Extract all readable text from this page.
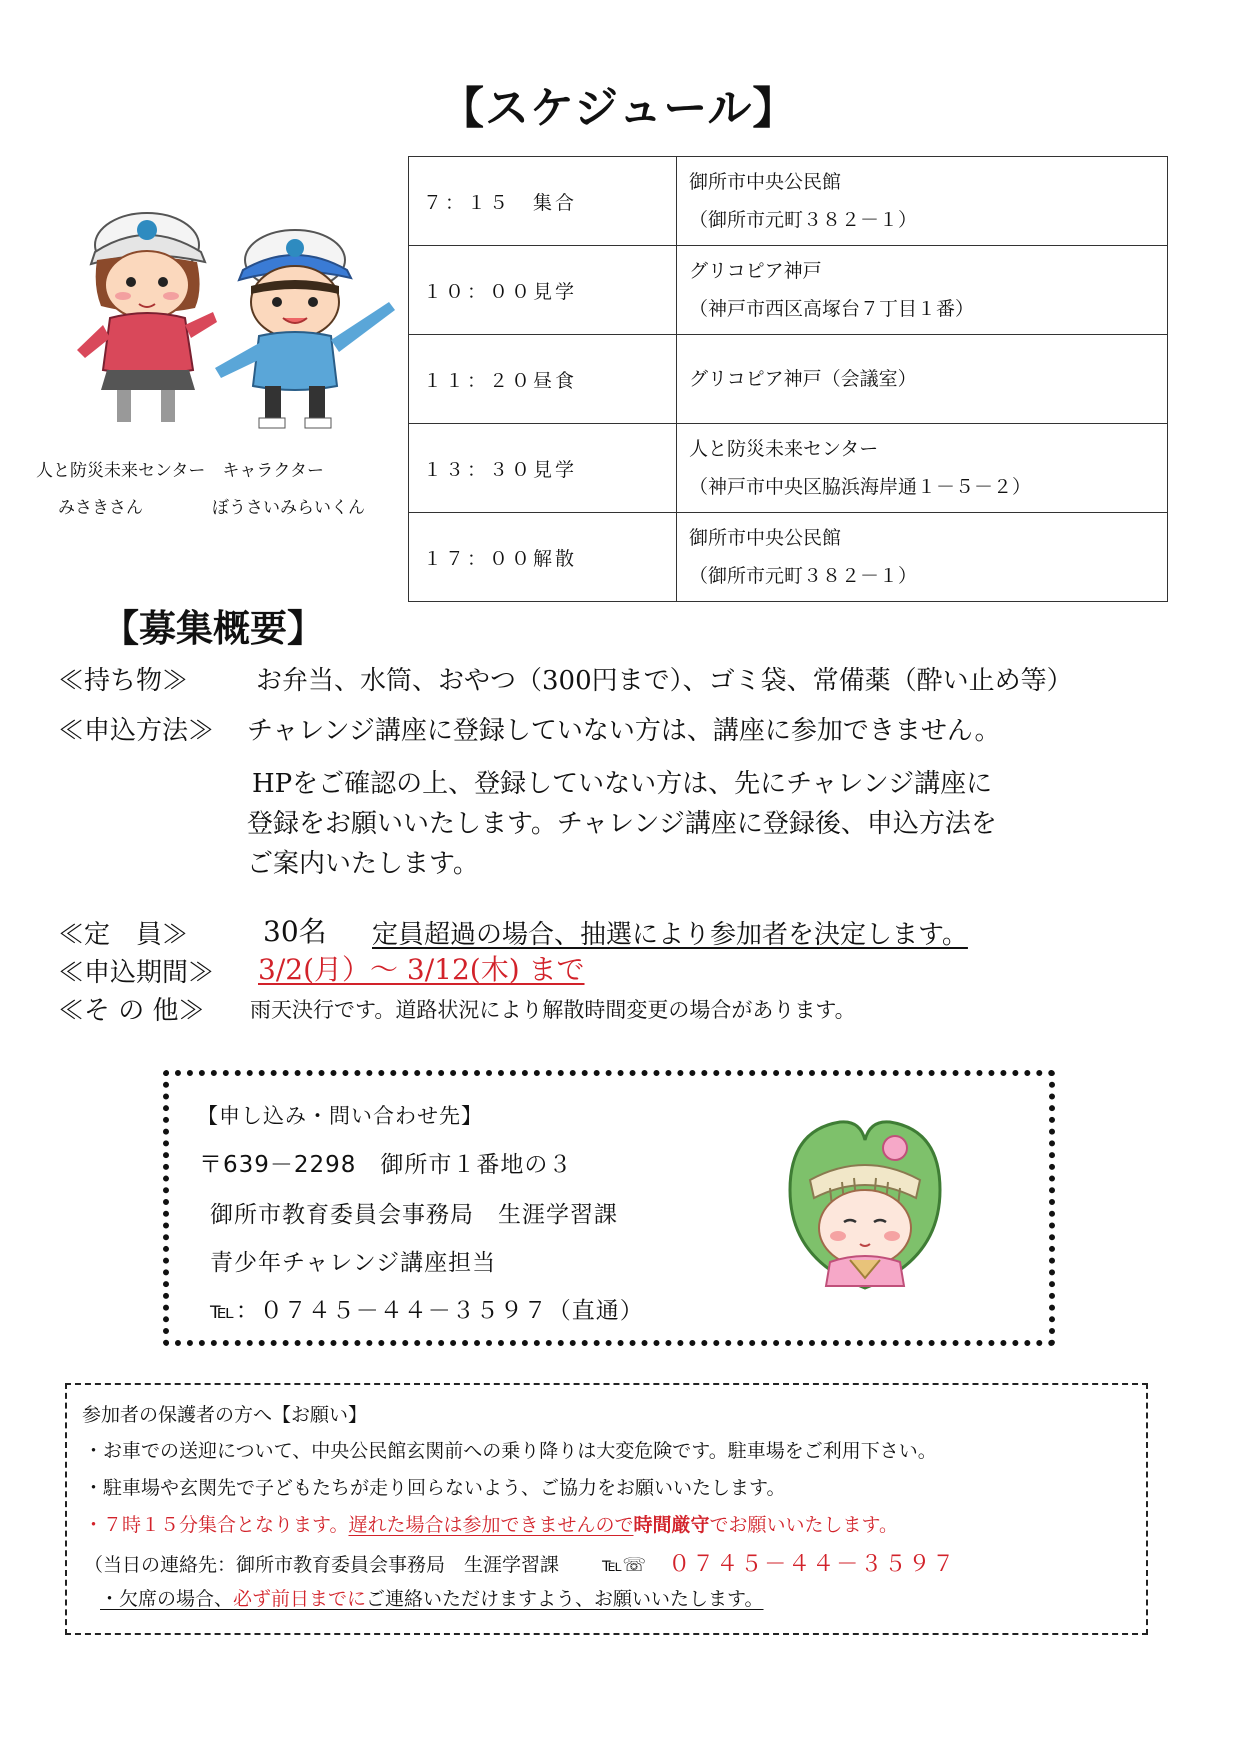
【スケジュール】
人と防災未来センター　キャラクター
みさきさん	ぼうさいみらいくん
７：１５ 集合	御所市中央公民館
（御所市元町３８２－１）

１０：００見学	グリコピア神戸
（神戸市西区高塚台７丁目１番）

１１：２０昼食	グリコピア神戸（会議室）

１３：３０見学	人と防災未来センター
（神戸市中央区脇浜海岸通１－５－２）

１７：００解散	御所市中央公民館
（御所市元町３８２－１）
【募集概要】
≪持ち物≫	お弁当、水筒、おやつ（300円まで）、ゴミ袋、常備薬（酔い止め等）
≪申込方法≫ チャレンジ講座に登録していない方は、講座に参加できません。
HPをご確認の上、登録していない方は、先にチャレンジ講座に
登録をお願いいたします。チャレンジ講座に登録後、申込方法を
ご案内いたします。
≪定　員≫	30名 定員超過の場合、抽選により参加者を決定します。
≪申込期間≫ 3/2(月）～ 3/12(木) まで
≪そ の 他≫ 雨天決行です。道路状況により解散時間変更の場合があります。
【申し込み・問い合わせ先】
〒639－2298　御所市１番地の３
御所市教育委員会事務局　生涯学習課
青少年チャレンジ講座担当
℡：０７４５－４４－３５９７（直通）
参加者の保護者の方へ【お願い】
・お車での送迎について、中央公民館玄関前への乗り降りは大変危険です。駐車場をご利用下さい。
・駐車場や玄関先で子どもたちが走り回らないよう、ご協力をお願いいたします。
・７時１５分集合となります。遅れた場合は参加できませんので時間厳守でお願いいたします。
（当日の連絡先：御所市教育委員会事務局　生涯学習課　℡☏ ０７４５－４４－３５９７
・欠席の場合、必ず前日までにご連絡いただけますよう、お願いいたします。
